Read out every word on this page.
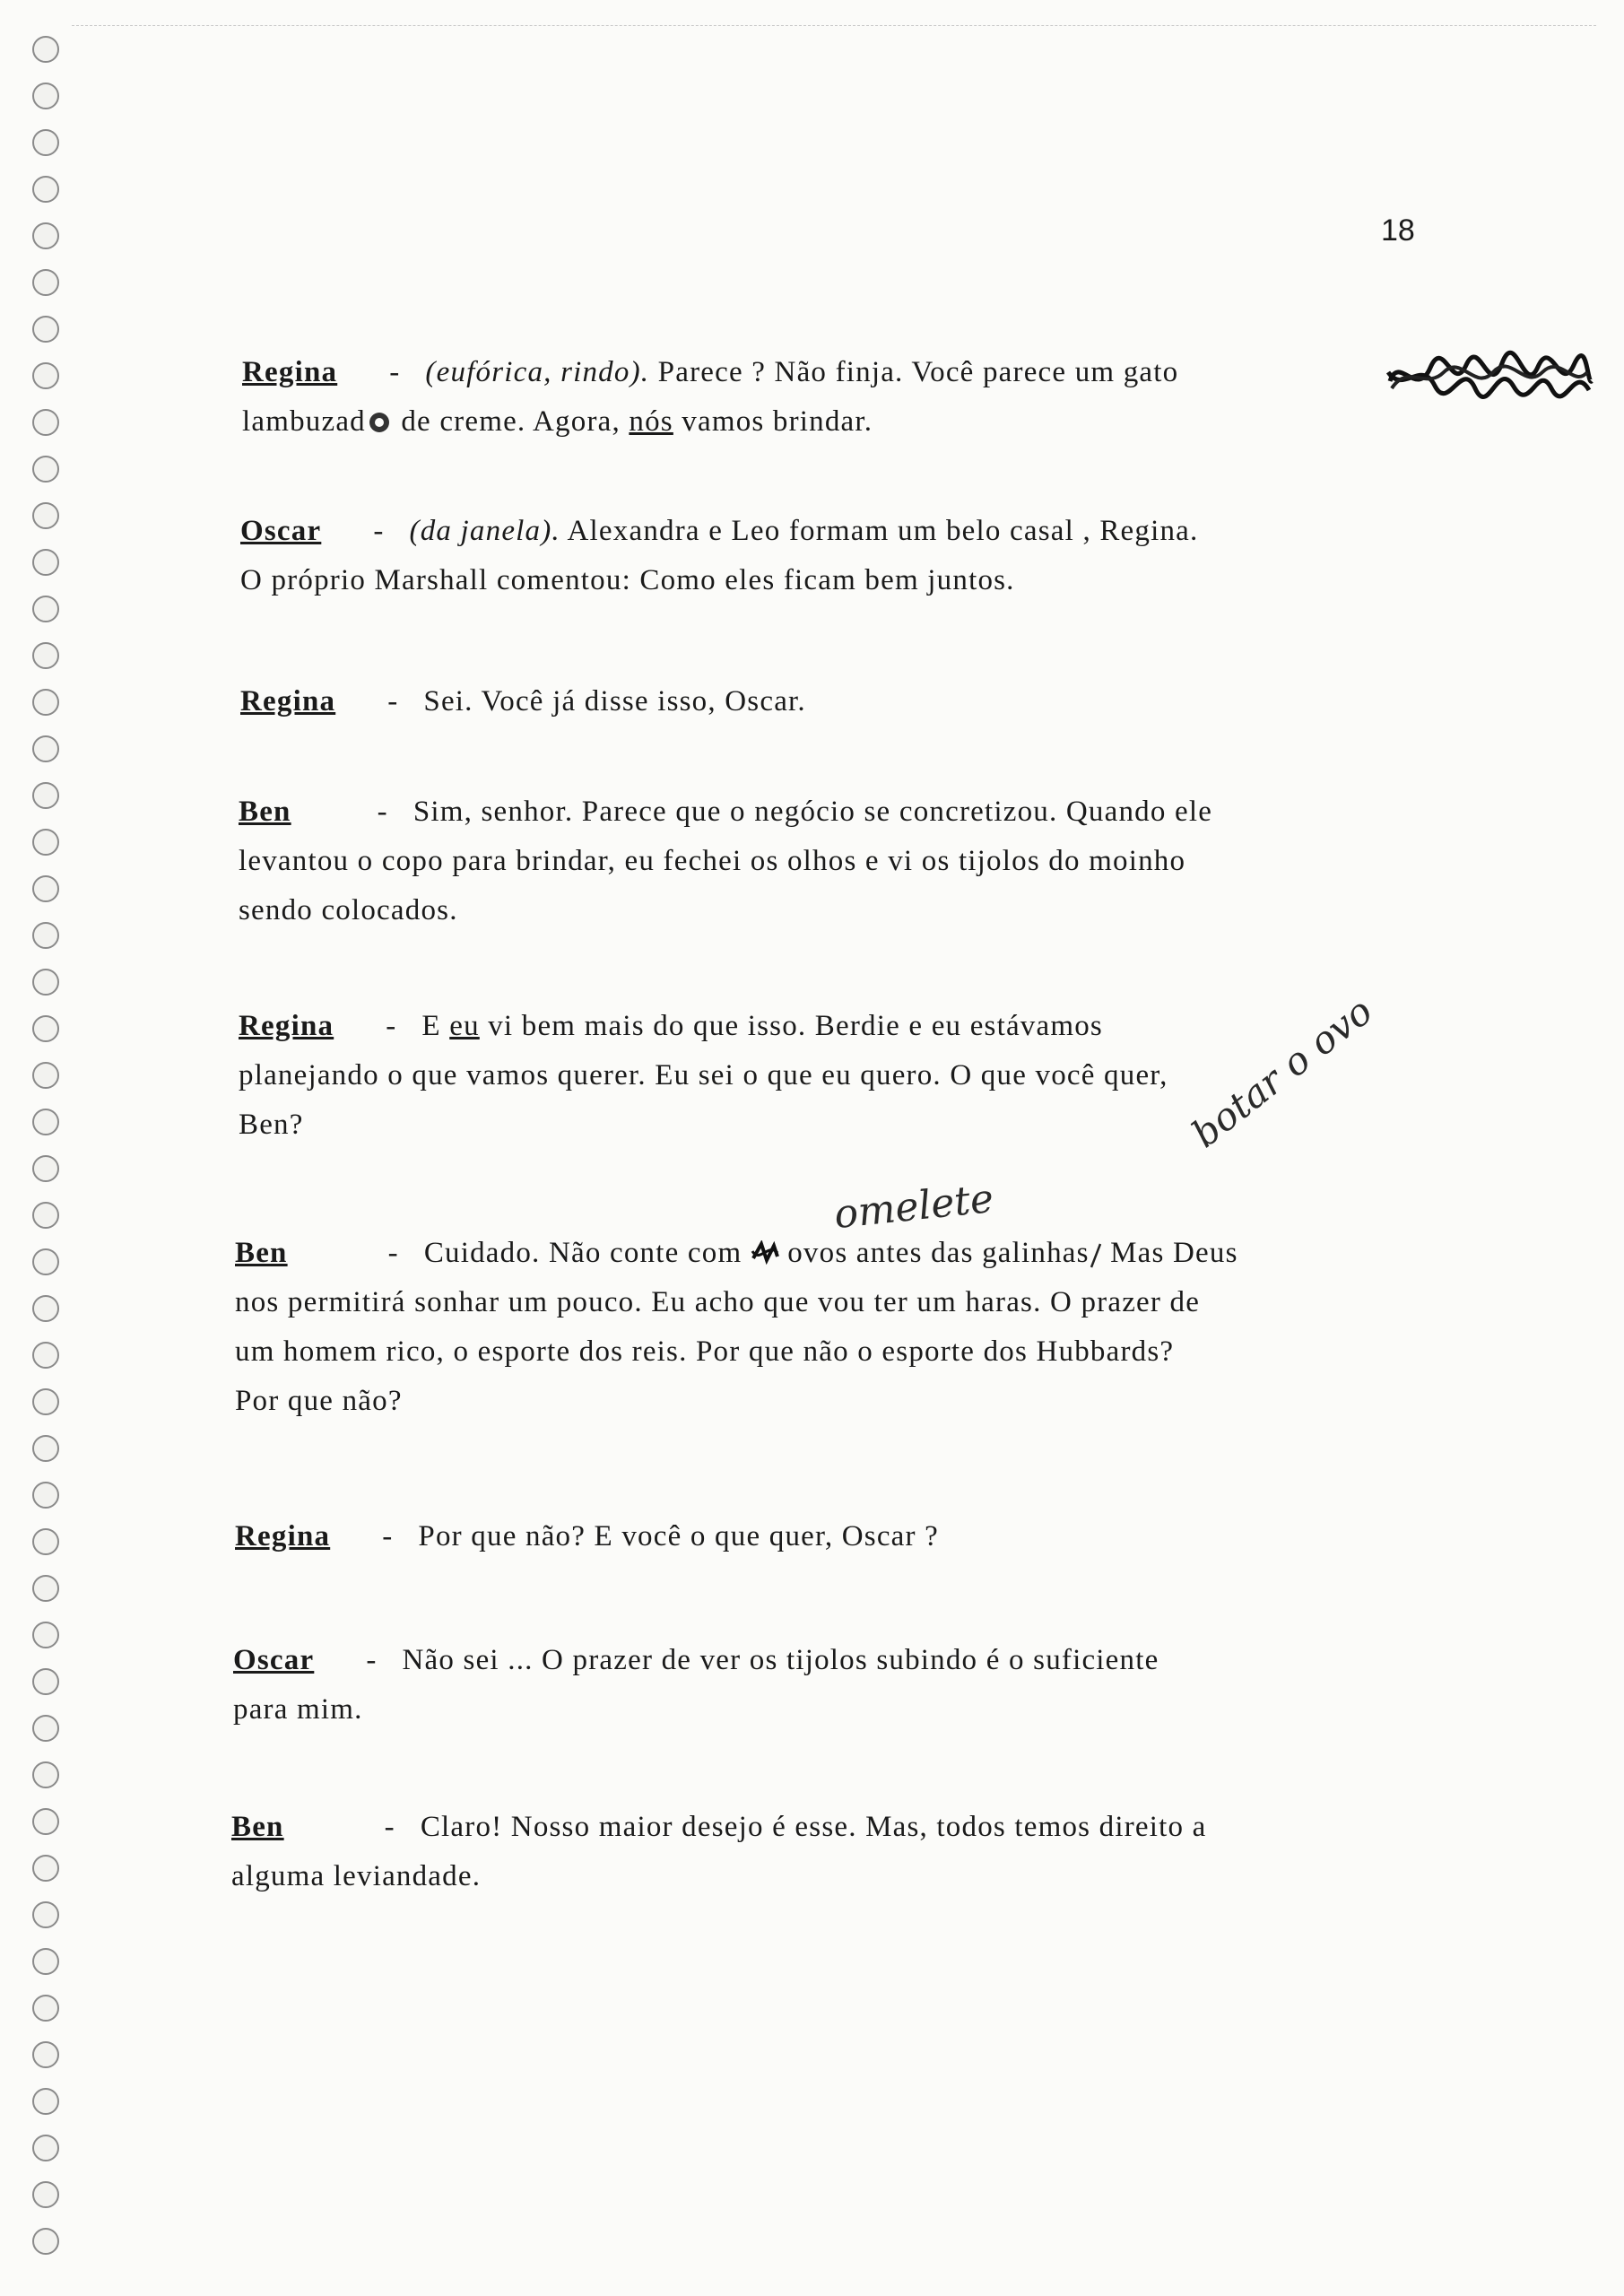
18
Regina - (eufórica, rindo). Parece ? Não finja. Você parece um gato
lambuzad de creme. Agora, nós vamos brindar.
Oscar - (da janela). Alexandra e Leo formam um belo casal , Regina.
O próprio Marshall comentou: Como eles ficam bem juntos.
Regina - Sei. Você já disse isso, Oscar.
Ben	- Sim, senhor. Parece que o negócio se concretizou. Quando ele
levantou o copo para brindar, eu fechei os olhos e vi os tijolos do moinho
sendo colocados.
Regina - E eu vi bem mais do que isso. Berdie e eu estávamos
planejando o que vamos querer. Eu sei o que eu quero. O que você quer,
Ben?	botar o ovo
omelete
Ben	- Cuidado. Não conte com  ovos antes das galinhas Mas Deus
nos permitirá sonhar um pouco. Eu acho que vou ter um haras. O prazer de
um homem rico, o esporte dos reis. Por que não o esporte dos Hubbards?
Por que não?
Regina - Por que não? E você o que quer, Oscar ?
Oscar - Não sei ... O prazer de ver os tijolos subindo é o suficiente
para mim.
Ben	- Claro! Nosso maior desejo é esse. Mas, todos temos direito a
alguma leviandade.
